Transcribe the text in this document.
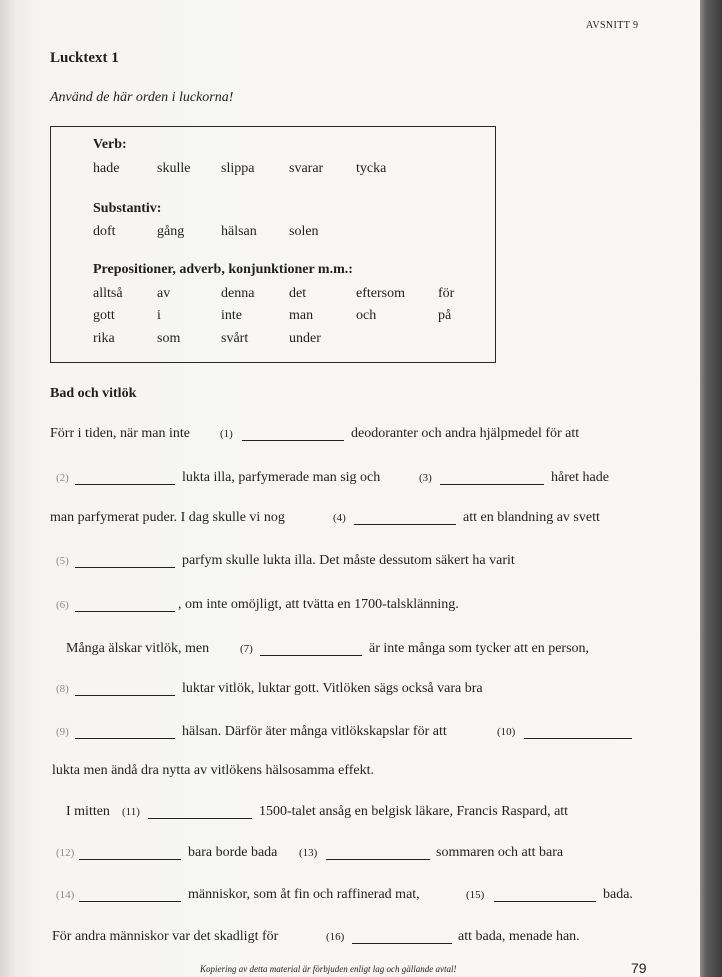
AVSNITT 9
Lucktext 1
Använd de här orden i luckorna!
Verb:
hade	skulle slippa svarar tycka
Substantiv:
doft	gång	hälsan solen
Prepositioner, adverb, konjunktioner m.m.:
alltså av	denna det	eftersom för
gott	i	inte	man	och	på
rika	som	svårt	under
Bad och vitlök
Förr i tiden, när man inte	(1)	deodoranter och andra hjälpmedel för att
(2)	lukta illa, parfymerade man sig och	(3)	håret hade
man parfymerat puder. I dag skulle vi nog	(4)	att en blandning av svett
(5)	parfym skulle lukta illa. Det måste dessutom säkert ha varit
(6)	, om inte omöjligt, att tvätta en 1700-talsklänning.
Många älskar vitlök, men	(7)	är inte många som tycker att en person,
(8)	luktar vitlök, luktar gott. Vitlöken sägs också vara bra
(9)	hälsan. Därför äter många vitlökskapslar för att	(10)
lukta men ändå dra nytta av vitlökens hälsosamma effekt.
I mitten (11)	1500-talet ansåg en belgisk läkare, Francis Raspard, att
(12)	bara borde bada (13)	sommaren och att bara
(14)	människor, som åt fin och raffinerad mat,	(15)	bada.
För andra människor var det skadligt för	(16)	att bada, menade han.
Kopiering av detta material är förbjuden enligt lag och gällande avtal!	79
